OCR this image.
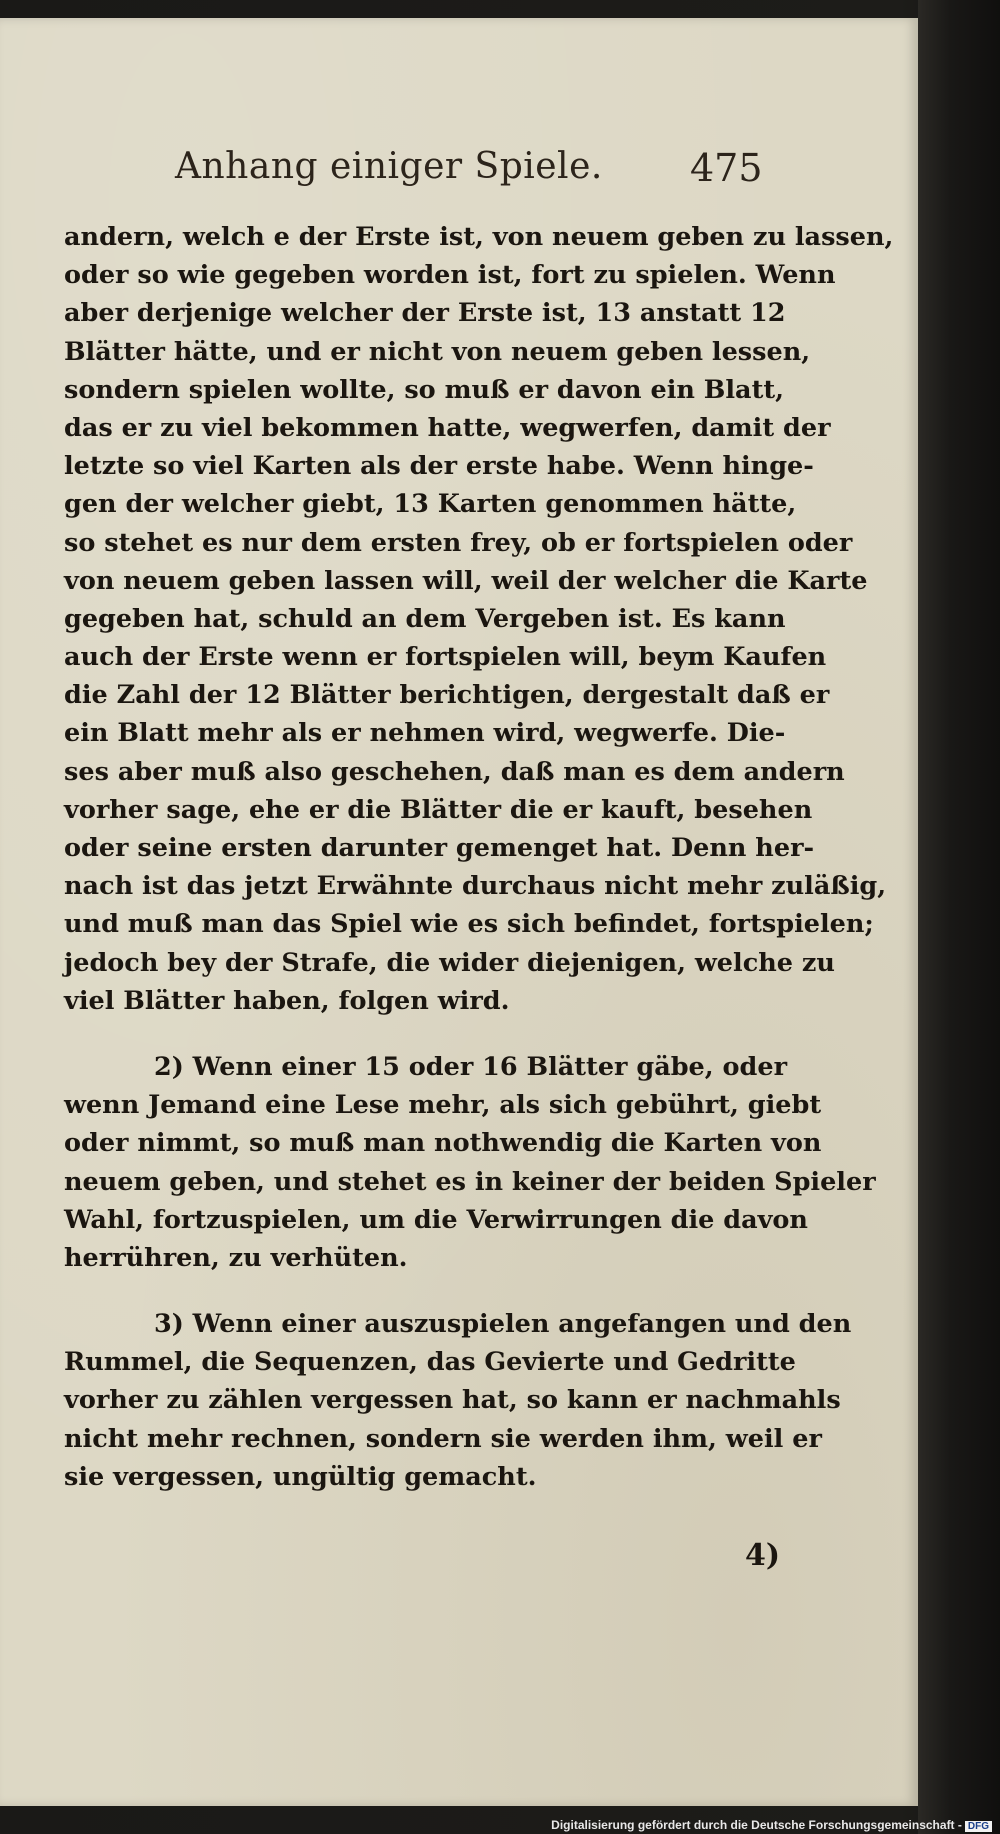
Anhang einiger Spiele. 475
andern, welch e der Erste ist, von neuem geben zu lassen,
oder so wie gegeben worden ist, fort zu spielen. Wenn
aber derjenige welcher der Erste ist, 13 anstatt 12
Blätter hätte, und er nicht von neuem geben lessen,
sondern spielen wollte, so muß er davon ein Blatt,
das er zu viel bekommen hatte, wegwerfen, damit der
letzte so viel Karten als der erste habe. Wenn hinge-
gen der welcher giebt, 13 Karten genommen hätte,
so stehet es nur dem ersten frey, ob er fortspielen oder
von neuem geben lassen will, weil der welcher die Karte
gegeben hat, schuld an dem Vergeben ist. Es kann
auch der Erste wenn er fortspielen will, beym Kaufen
die Zahl der 12 Blätter berichtigen, dergestalt daß er
ein Blatt mehr als er nehmen wird, wegwerfe. Die-
ses aber muß also geschehen, daß man es dem andern
vorher sage, ehe er die Blätter die er kauft, besehen
oder seine ersten darunter gemenget hat. Denn her-
nach ist das jetzt Erwähnte durchaus nicht mehr zuläßig,
und muß man das Spiel wie es sich befindet, fortspielen;
jedoch bey der Strafe, die wider diejenigen, welche zu
viel Blätter haben, folgen wird.
2) Wenn einer 15 oder 16 Blätter gäbe, oder
wenn Jemand eine Lese mehr, als sich gebührt, giebt
oder nimmt, so muß man nothwendig die Karten von
neuem geben, und stehet es in keiner der beiden Spieler
Wahl, fortzuspielen, um die Verwirrungen die davon
herrühren, zu verhüten.
3) Wenn einer auszuspielen angefangen und den
Rummel, die Sequenzen, das Gevierte und Gedritte
vorher zu zählen vergessen hat, so kann er nachmahls
nicht mehr rechnen, sondern sie werden ihm, weil er
sie vergessen, ungültig gemacht.
4)
Digitalisierung gefördert durch die Deutsche Forschungsgemeinschaft - DFG
